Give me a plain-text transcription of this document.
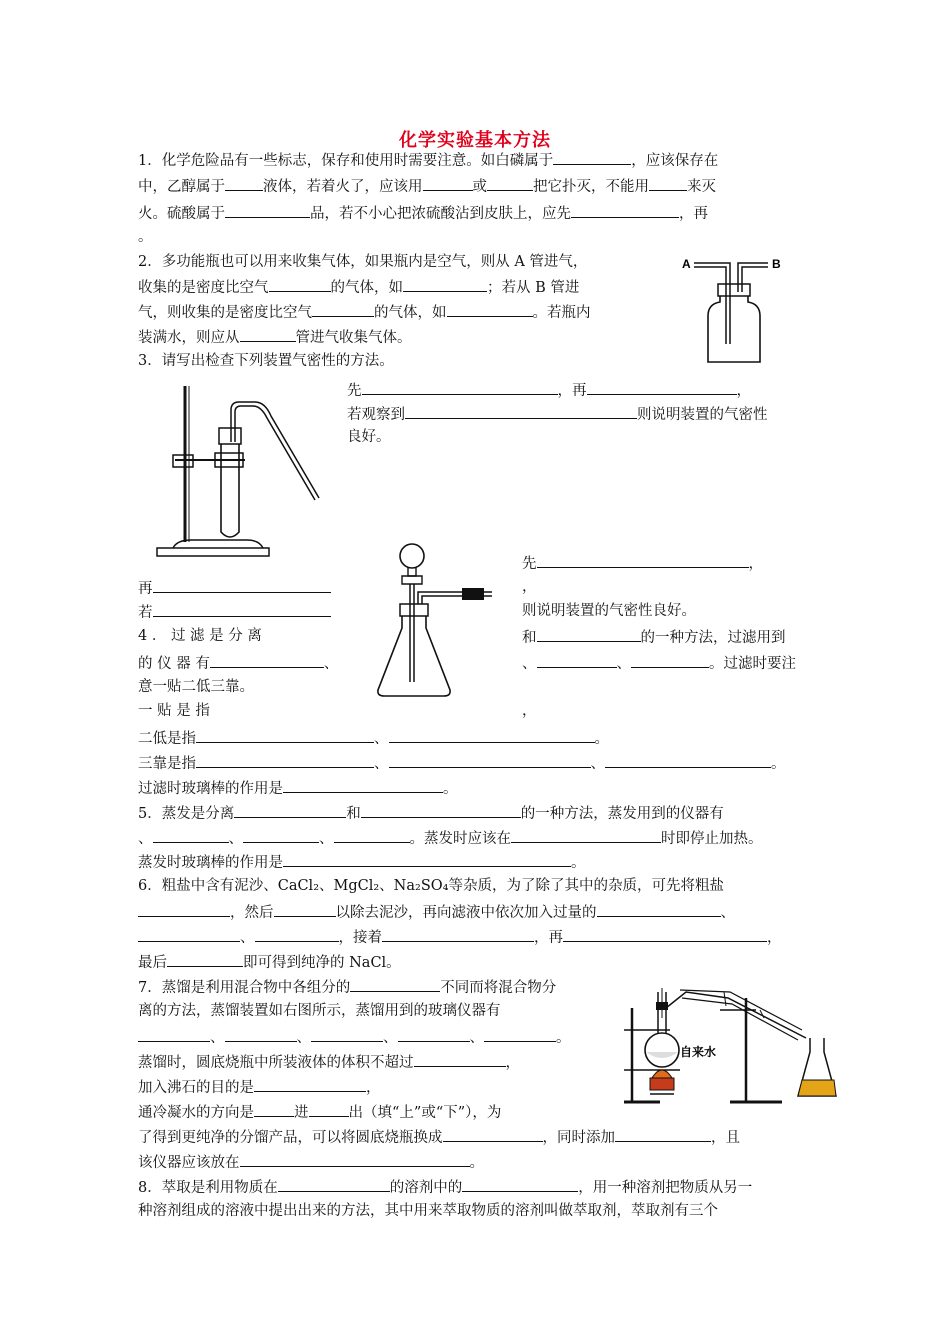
化学实验基本方法
1．化学危险品有一些标志，保存和使用时需要注意。如白磷属于	，应该保存在
中，乙醇属于	液体，若着火了，应该用	或	把它扑灭，不能用	来灭
火。硫酸属于	品，若不小心把浓硫酸沾到皮肤上，应先	，再
。
2．多功能瓶也可以用来收集气体，如果瓶内是空气，则从 A 管进气，
收集的是密度比空气	的气体，如	；若从 B 管进
气，则收集的是密度比空气	的气体，如	。若瓶内
装满水，则应从	管进气收集气体。
A	B
3．请写出检查下列装置气密性的方法。
先	，再	，
若观察到	则说明装置的气密性
良好。
先	，
再	，
若	则说明装置的气密性良好。
4 ． 过 滤 是 分 离	和	的一种方法，过滤用到
的 仪 器 有	、	、	、	。过滤时要注
意一贴二低三靠。
一 贴 是 指	，
二低是指	、	。
三靠是指	、	、	。
过滤时玻璃棒的作用是	。
5．蒸发是分离	和	的一种方法，蒸发用到的仪器有
、	、	、	。蒸发时应该在	时即停止加热。
蒸发时玻璃棒的作用是	。
6．粗盐中含有泥沙、CaCl₂、MgCl₂、Na₂SO₄等杂质，为了除了其中的杂质，可先将粗盐
，然后	以除去泥沙，再向滤液中依次加入过量的	、
、	，接着	，再	，
最后	即可得到纯净的 NaCl。
7．蒸馏是利用混合物中各组分的	不同而将混合物分
离的方法，蒸馏装置如右图所示，蒸馏用到的玻璃仪器有
、	、	、	、	。
蒸馏时，圆底烧瓶中所装液体的体积不超过	，
加入沸石的目的是	，
通冷凝水的方向是	进	出（填“上”或“下”），为
了得到更纯净的分馏产品，可以将圆底烧瓶换成	，同时添加	，且
该仪器应该放在	。
自来水
8．萃取是利用物质在	的溶剂中的	，用一种溶剂把物质从另一
种溶剂组成的溶液中提出出来的方法，其中用来萃取物质的溶剂叫做萃取剂，萃取剂有三个
